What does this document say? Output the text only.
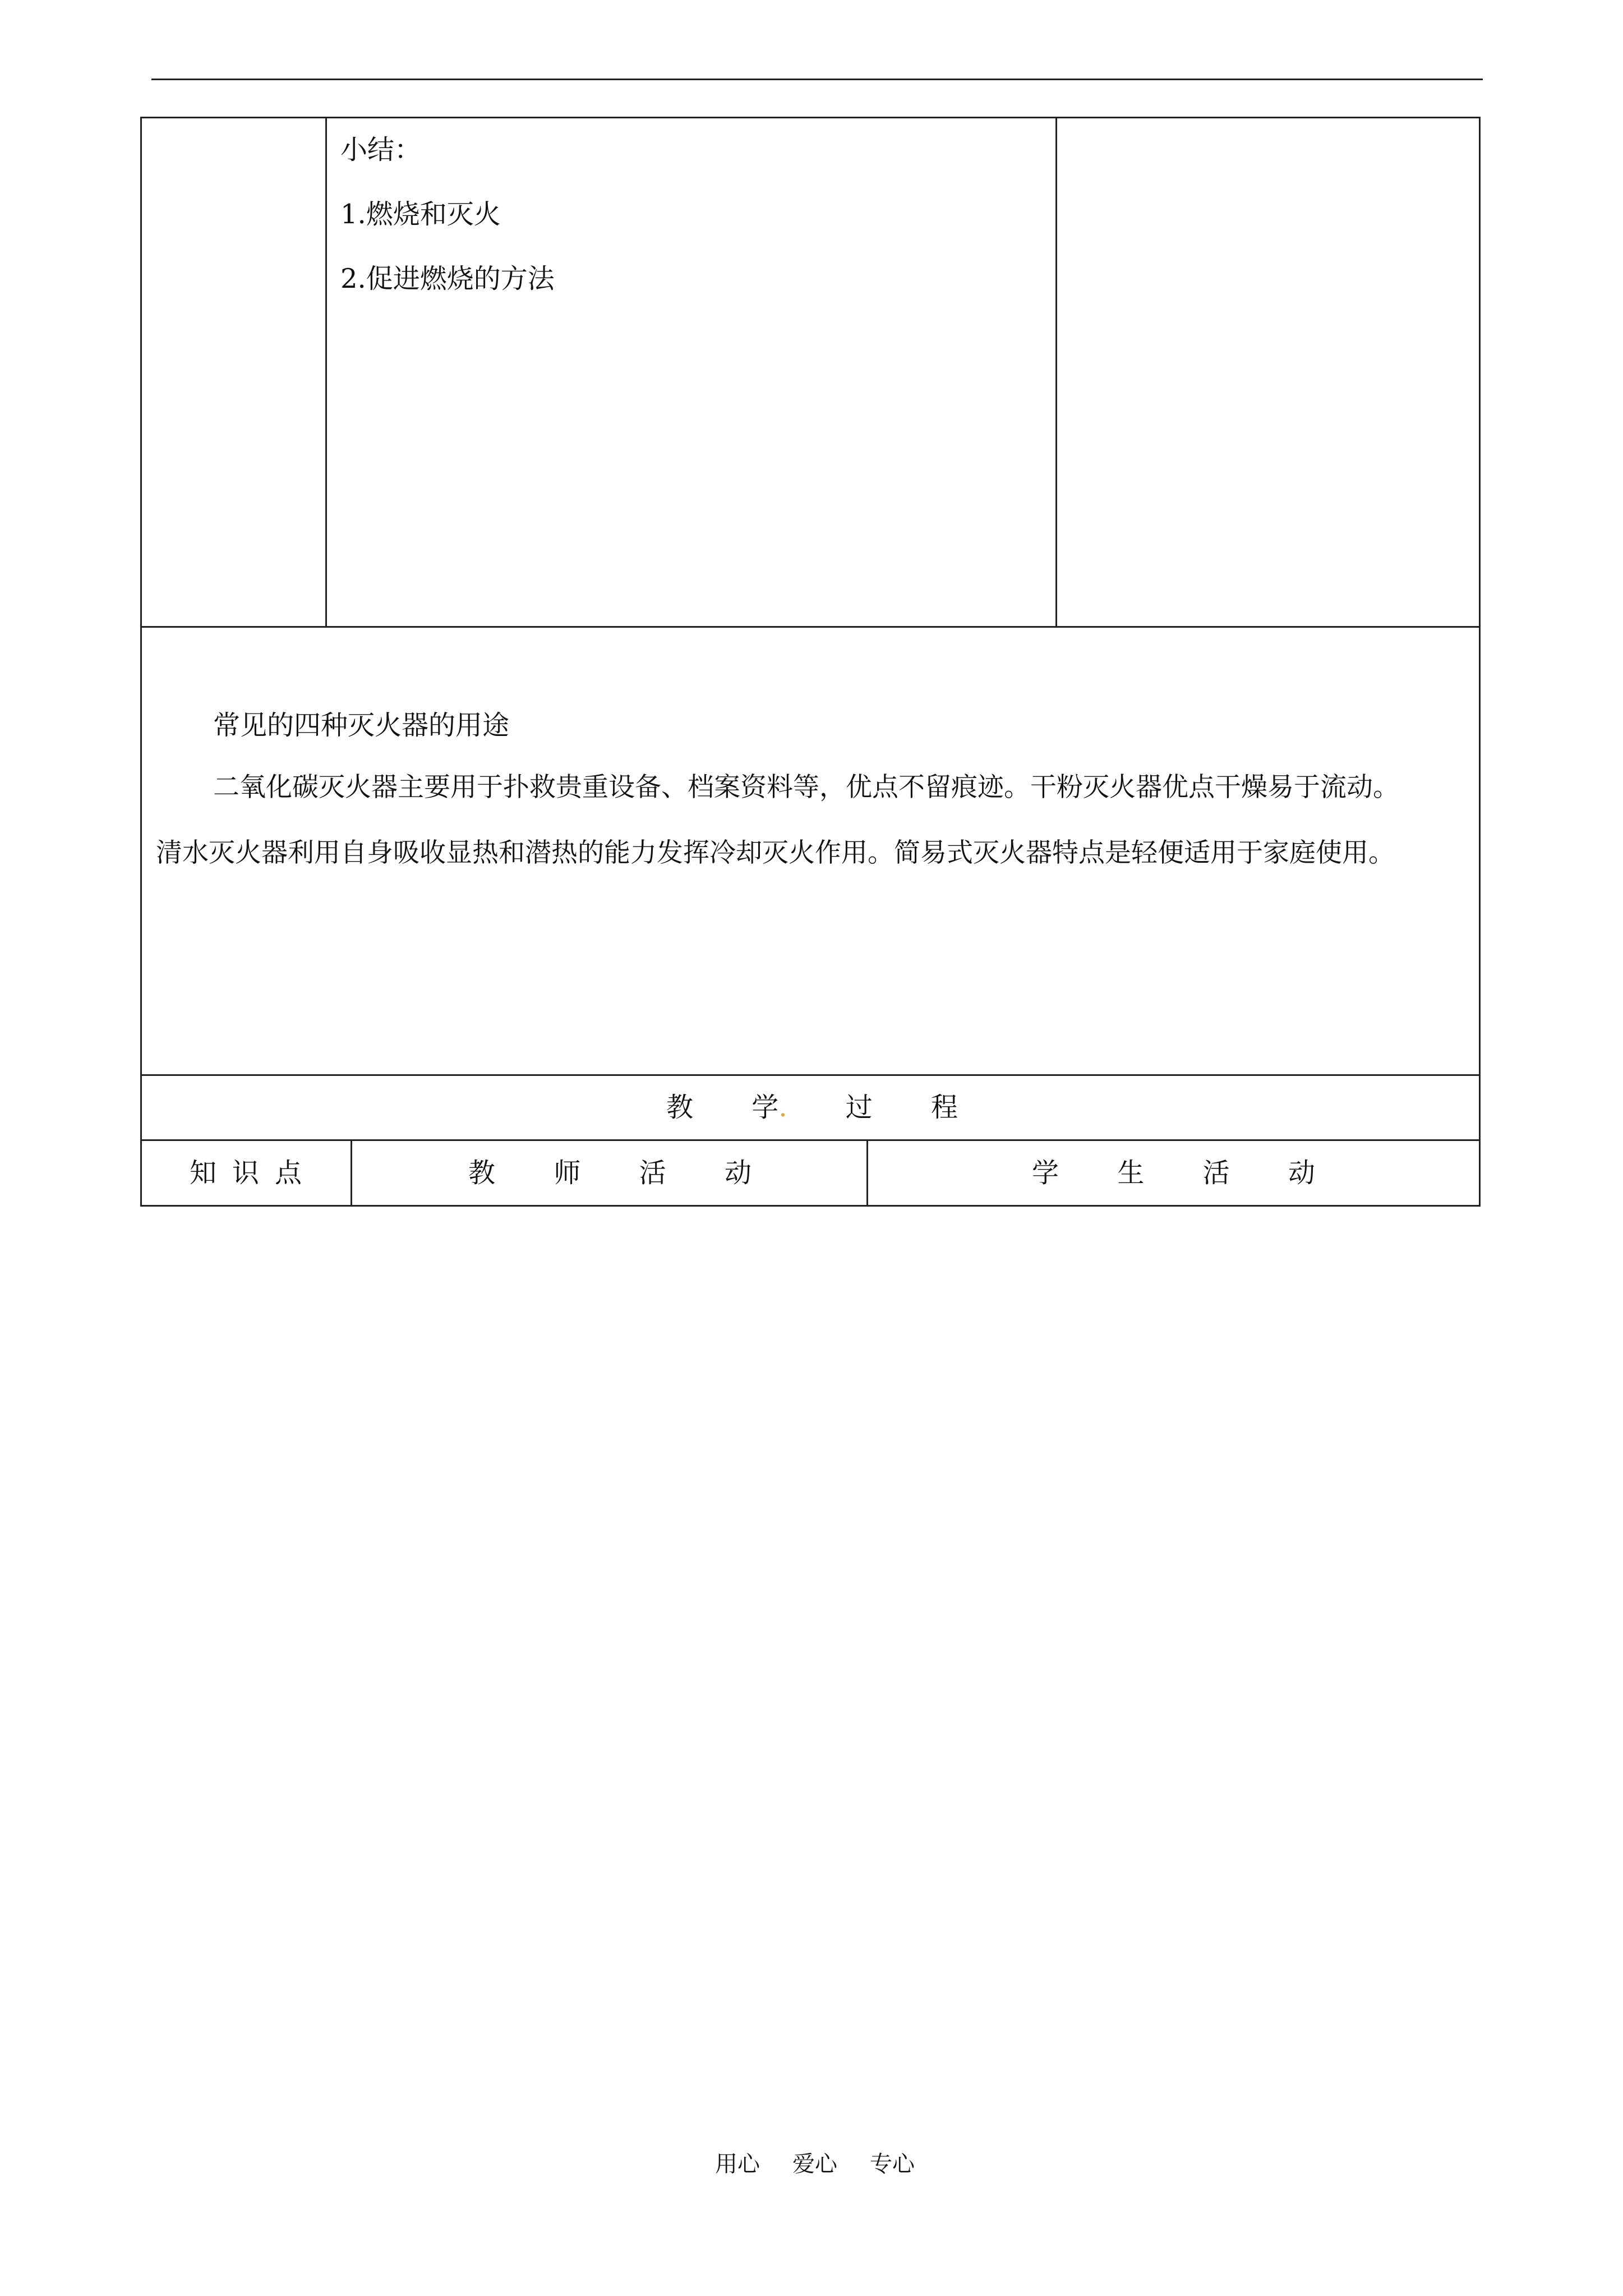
小结：
1.燃烧和灭火
2.促进燃烧的方法
常见的四种灭火器的用途
二氧化碳灭火器主要用于扑救贵重设备、档案资料等，优点不留痕迹。干粉灭火器优点干燥易于流动。
清水灭火器利用自身吸收显热和潜热的能力发挥冷却灭火作用。简易式灭火器特点是轻便适用于家庭使用。
教 学. 过 程
知 识 点	教 师 活 动	学 生 活 动
用心 爱心 专心
